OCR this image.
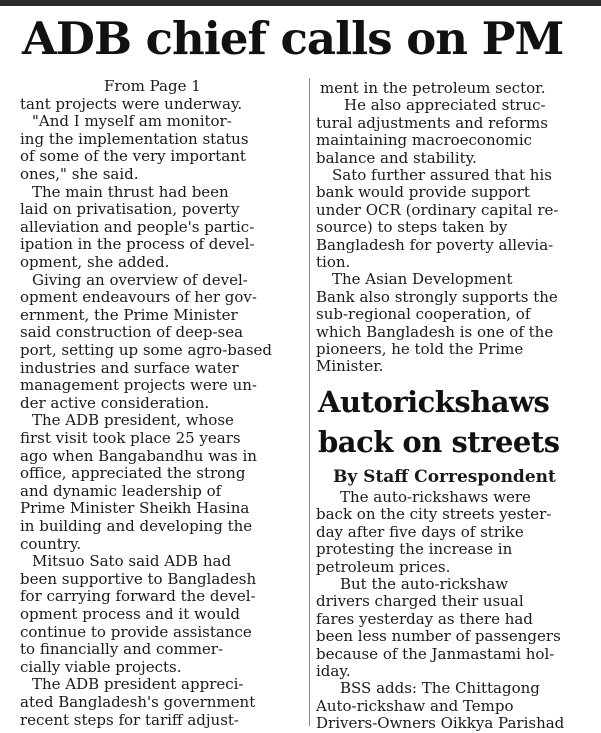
ADB chief calls on PM
From Page 1
tant projects were underway.
"And I myself am monitor-
ing the implementation status
of some of the very important
ones," she said.
The main thrust had been
laid on privatisation, poverty
alleviation and people's partic-
ipation in the process of devel-
opment, she added.
Giving an overview of devel-
opment endeavours of her gov-
ernment, the Prime Minister
said construction of deep-sea
port, setting up some agro-based
industries and surface water
management projects were un-
der active consideration.
The ADB president, whose
first visit took place 25 years
ago when Bangabandhu was in
office, appreciated the strong
and dynamic leadership of
Prime Minister Sheikh Hasina
in building and developing the
country.
Mitsuo Sato said ADB had
been supportive to Bangladesh
for carrying forward the devel-
opment process and it would
continue to provide assistance
to financially and commer-
cially viable projects.
The ADB president appreci-
ated Bangladesh's government
recent steps for tariff adjust-
ment in the petroleum sector.
He also appreciated struc-
tural adjustments and reforms
maintaining macroeconomic
balance and stability.
Sato further assured that his
bank would provide support
under OCR (ordinary capital re-
source) to steps taken by
Bangladesh for poverty allevia-
tion.
The Asian Development
Bank also strongly supports the
sub-regional cooperation, of
which Bangladesh is one of the
pioneers, he told the Prime
Minister.
Autorickshaws
back on streets
By Staff Correspondent
The auto-rickshaws were
back on the city streets yester-
day after five days of strike
protesting the increase in
petroleum prices.
But the auto-rickshaw
drivers charged their usual
fares yesterday as there had
been less number of passengers
because of the Janmastami hol-
iday.
BSS adds: The Chittagong
Auto-rickshaw and Tempo
Drivers-Owners Oikkya Parishad
